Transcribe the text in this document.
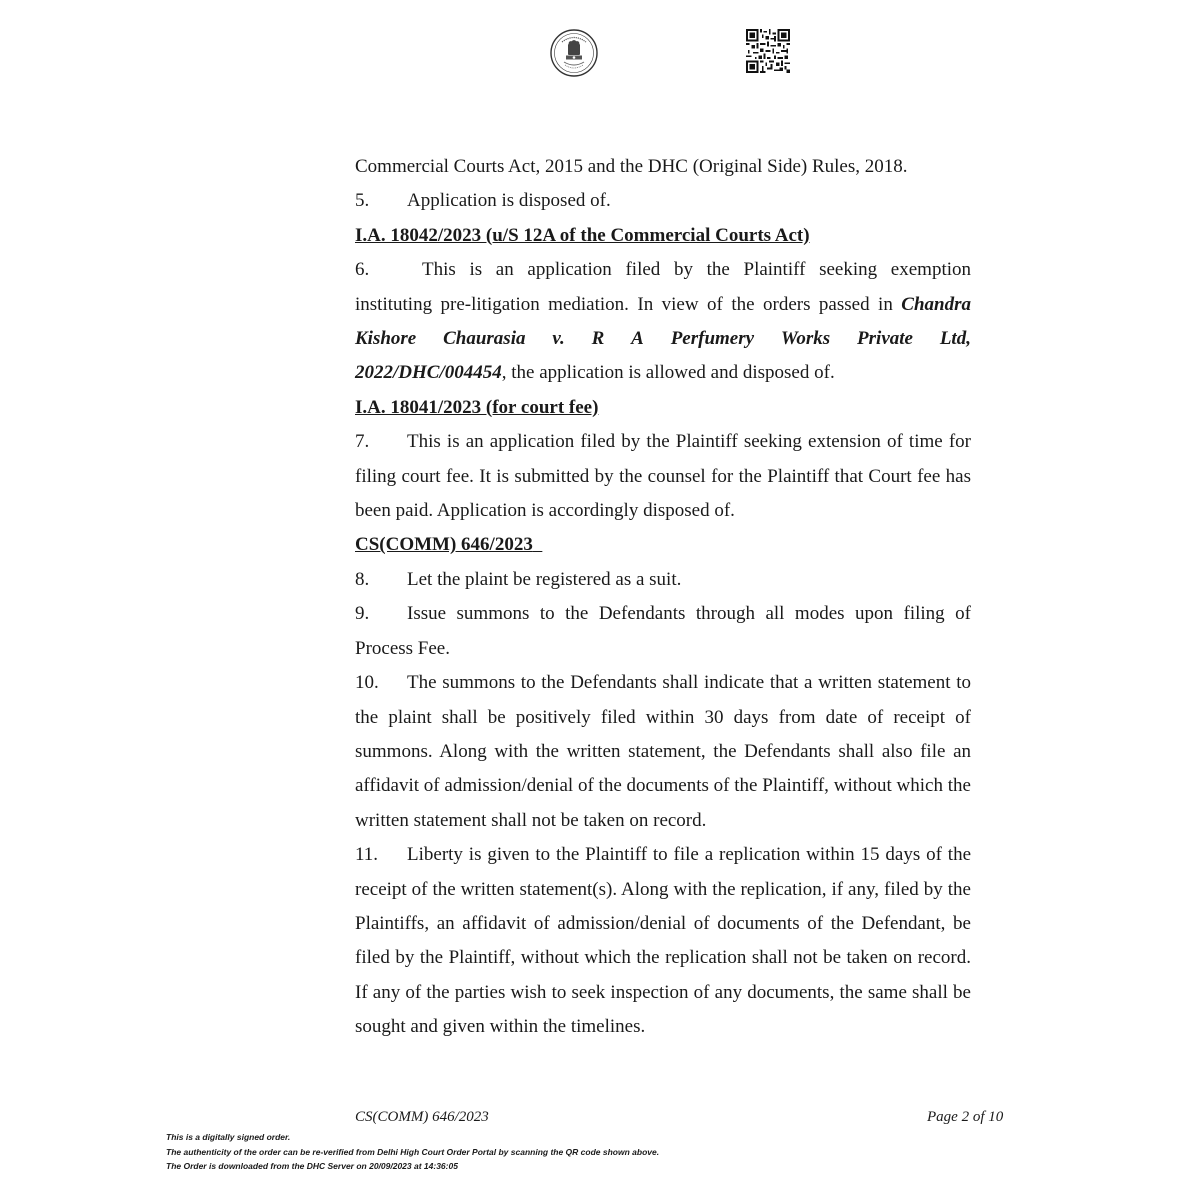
Commercial Courts Act, 2015 and the DHC (Original Side) Rules, 2018.

5. Application is disposed of.

I.A. 18042/2023 (u/S 12A of the Commercial Courts Act)

6.	This is an application filed by the Plaintiff seeking exemption

instituting pre-litigation mediation. In view of the orders passed in Chandra

Kishore Chaurasia v. R A Perfumery Works Private Ltd,

2022/DHC/004454, the application is allowed and disposed of.

I.A. 18041/2023 (for court fee)

7. This is an application filed by the Plaintiff seeking extension of time for filing court fee. It is submitted by the counsel for the Plaintiff that Court fee has been paid. Application is accordingly disposed of.

CS(COMM) 646/2023

8. Let the plaint be registered as a suit.

9. Issue summons to the Defendants through all modes upon filing of Process Fee.

10. The summons to the Defendants shall indicate that a written statement to the plaint shall be positively filed within 30 days from date of receipt of summons. Along with the written statement, the Defendants shall also file an affidavit of admission/denial of the documents of the Plaintiff, without which the written statement shall not be taken on record.

11. Liberty is given to the Plaintiff to file a replication within 15 days of the receipt of the written statement(s). Along with the replication, if any, filed by the Plaintiffs, an affidavit of admission/denial of documents of the Defendant, be filed by the Plaintiff, without which the replication shall not be taken on record. If any of the parties wish to seek inspection of any documents, the same shall be sought and given within the timelines.

CS(COMM) 646/2023	Page 2 of 10

This is a digitally signed order.

The authenticity of the order can be re-verified from Delhi High Court Order Portal by scanning the QR code shown above.

The Order is downloaded from the DHC Server on 20/09/2023 at 14:36:05
